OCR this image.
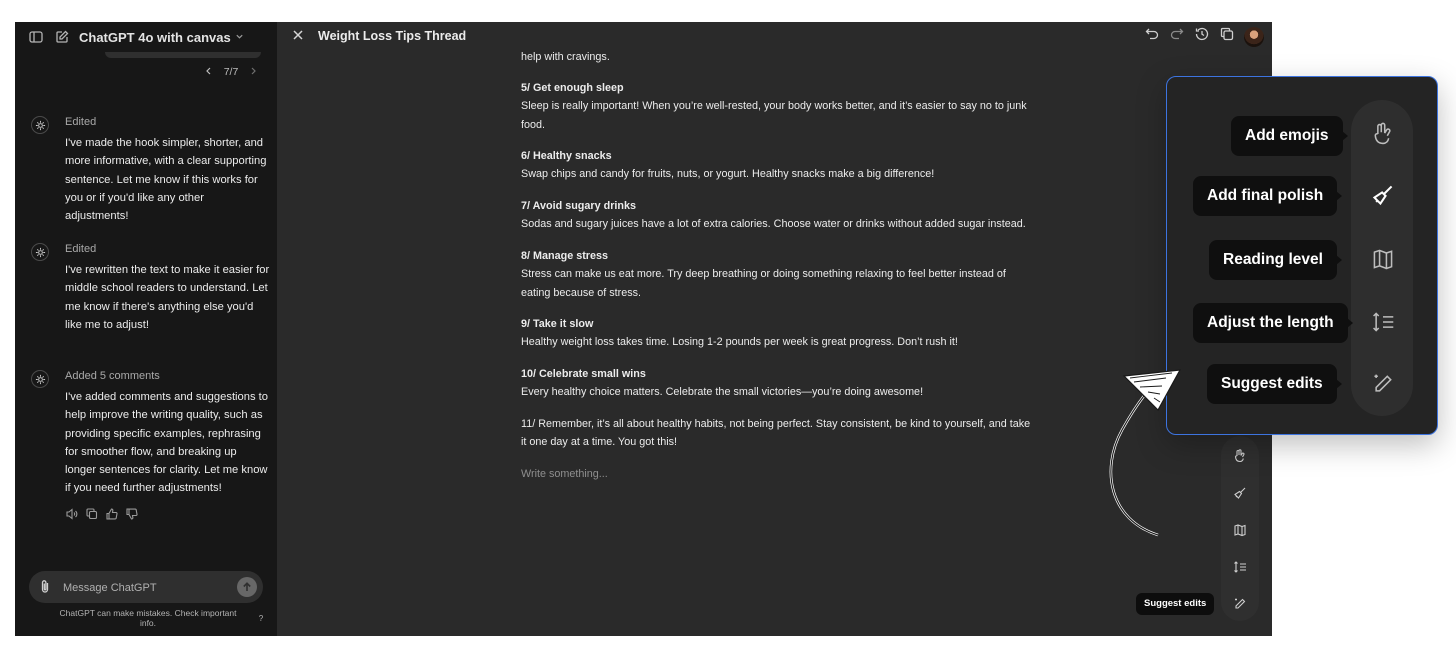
ChatGPT 4o with canvas
7/7
Edited
I've made the hook simpler, shorter, and more informative, with a clear supporting sentence. Let me know if this works for you or if you'd like any other adjustments!
Edited
I've rewritten the text to make it easier for middle school readers to understand. Let me know if there's anything else you'd like me to adjust!
Added 5 comments
I've added comments and suggestions to help improve the writing quality, such as providing specific examples, rephrasing for smoother flow, and breaking up longer sentences for clarity. Let me know if you need further adjustments!
Message ChatGPT
ChatGPT can make mistakes. Check important info.	?
Weight Loss Tips Thread

help with cravings.

5/ Get enough sleep

Sleep is really important! When you’re well-rested, your body works better, and it’s easier to say no to junk food.

6/ Healthy snacks

Swap chips and candy for fruits, nuts, or yogurt. Healthy snacks make a big difference!

7/ Avoid sugary drinks

Sodas and sugary juices have a lot of extra calories. Choose water or drinks without added sugar instead.

8/ Manage stress

Stress can make us eat more. Try deep breathing or doing something relaxing to feel better instead of eating because of stress.

9/ Take it slow

Healthy weight loss takes time. Losing 1-2 pounds per week is great progress. Don’t rush it!

10/ Celebrate small wins

Every healthy choice matters. Celebrate the small victories—you’re doing awesome!

11/ Remember, it’s all about healthy habits, not being perfect. Stay consistent, be kind to yourself, and take it one day at a time. You got this!

Write something...

Suggest edits
Add emojis
Add final polish
Reading level
Adjust the length
Suggest edits
